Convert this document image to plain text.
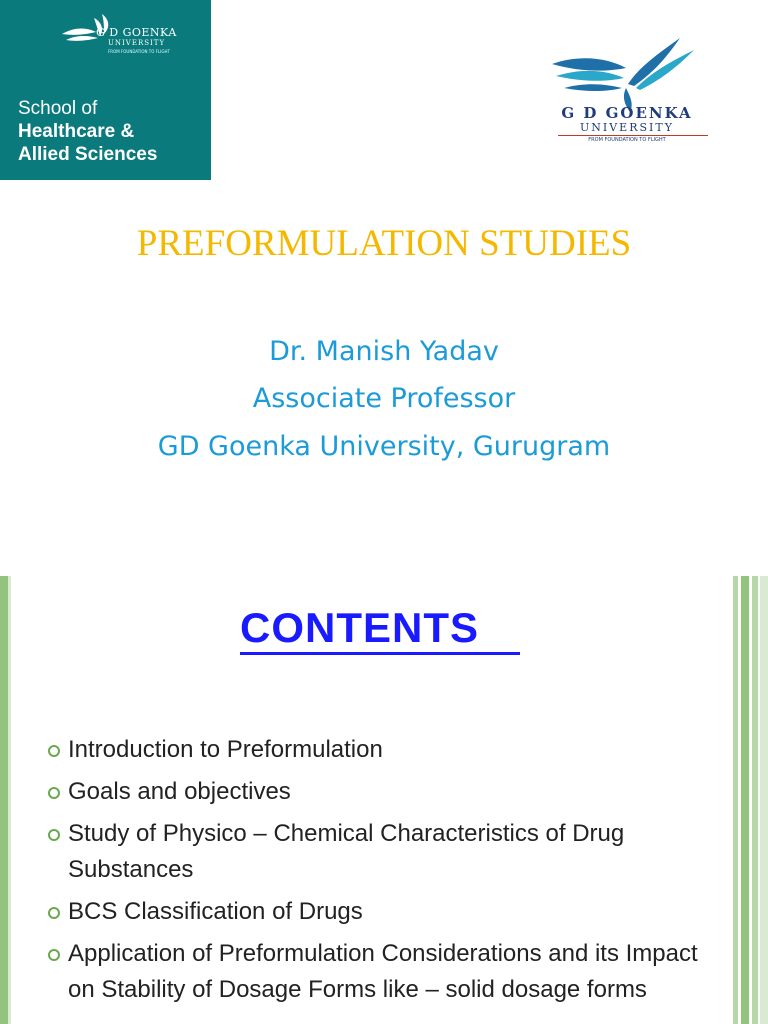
G D GOENKA
UNIVERSITY
FROM FOUNDATION TO FLIGHT
School of
Healthcare &
Allied Sciences
G D GOENKA
UNIVERSITY
FROM FOUNDATION TO FLIGHT
PREFORMULATION STUDIES
Dr. Manish Yadav
Associate Professor
GD Goenka University, Gurugram
CONTENTS
Introduction to Preformulation
Goals and objectives
Study of Physico – Chemical Characteristics of Drug Substances
BCS Classification of Drugs
Application of Preformulation Considerations and its Impact on Stability of Dosage Forms like – solid dosage forms
